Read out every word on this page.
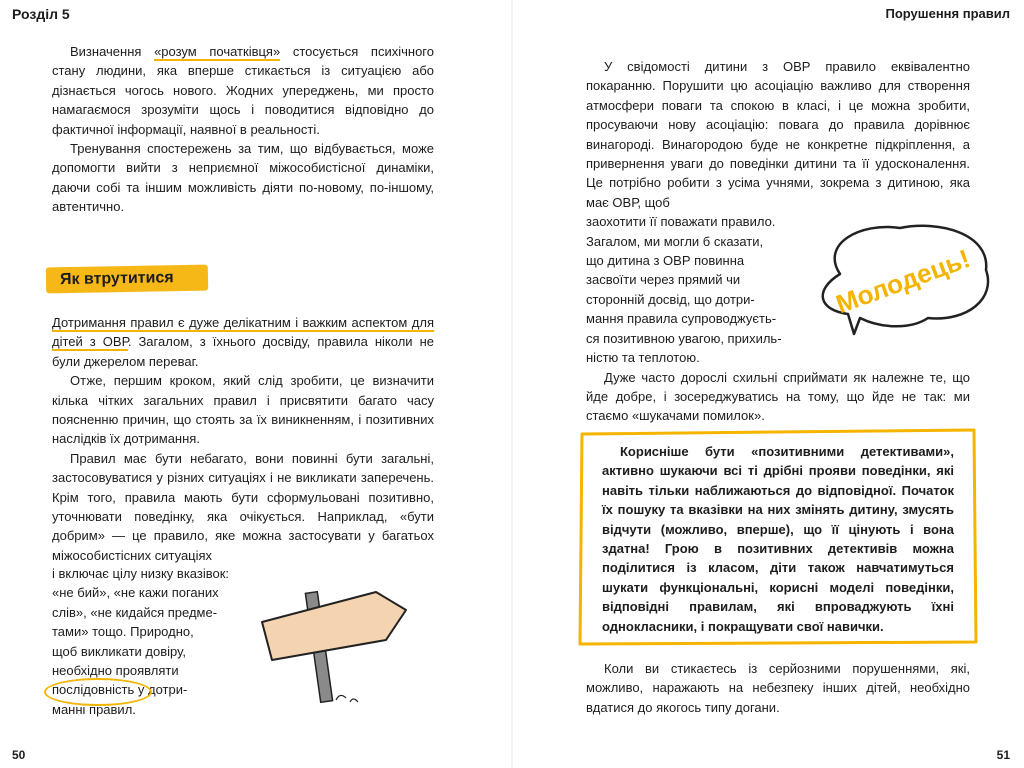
Розділ 5	Порушення правил

Визначення «розум початківця» стосується психічного стану людини, яка вперше стикається із ситуацією або дізнається чогось нового. Жодних упереджень, ми просто намагаємося зрозуміти щось і поводитися відповідно до фактичної інформації, наявної в реальності.

Тренування спостережень за тим, що відбувається, може допомогти вийти з неприємної міжособистісної динаміки, даючи собі та іншим можливість діяти по-новому, по-іншому, автентично.

Як втрутитися

Дотримання правил є дуже делікатним і важким аспектом для дітей з ОВР. Загалом, з їхнього досвіду, правила ніколи не були джерелом переваг.

Отже, першим кроком, який слід зробити, це визначити кілька чітких загальних правил і присвятити багато часу поясненню причин, що стоять за їх виникненням, і позитивних наслідків їх дотримання.

Правил має бути небагато, вони повинні бути загальні, застосовуватися у різних ситуаціях і не викликати заперечень. Крім того, правила мають бути сформульовані позитивно, уточнювати поведінку, яка очікується. Наприклад, «бути добрим» — це правило, яке можна застосувати у багатьох міжособистісних ситуаціях

і включає цілу низку вказівок:

«не бий», «не кажи поганих

слів», «не кидайся предме-

тами» тощо. Природно,

щоб викликати довіру,

необхідно проявляти

послідовність у дотри-

манні правил.

50

У свідомості дитини з ОВР правило еквівалентно покаранню. Порушити цю асоціацію важливо для створення атмосфери поваги та спокою в класі, і це можна зробити, просуваючи нову асоціацію: повага до правила дорівнює винагороді. Винагородою буде не конкретне підкріплення, а привернення уваги до поведінки дитини та її удосконалення. Це потрібно робити з усіма учнями, зокрема з дитиною, яка має ОВР, щоб

заохотити її поважати правило.

Загалом, ми могли б сказати,

що дитина з ОВР повинна

засвоїти через прямий чи

сторонній досвід, що дотри-

мання правила супроводжуєть-

ся позитивною увагою, прихиль-

ністю та теплотою.

Дуже часто дорослі схильні сприймати як належне те, що йде добре, і зосереджуватись на тому, що йде не так: ми стаємо «шукачами помилок».

Молодець!

Корисніше бути «позитивними детективами», активно шукаючи всі ті дрібні прояви поведінки, які навіть тільки наближаються до відповідної. Початок їх пошуку та вказівки на них змінять дитину, змусять відчути (можливо, вперше), що її цінують і вона здатна! Грою в позитивних детективів можна поділитися із класом, діти також навчатимуться шукати функціональні, корисні моделі поведінки, відповідні правилам, які впроваджують їхні однокласники, і покращувати свої навички.

Коли ви стикаєтесь із серйозними порушеннями, які, можливо, наражають на небезпеку інших дітей, необхідно вдатися до якогось типу догани.

51
